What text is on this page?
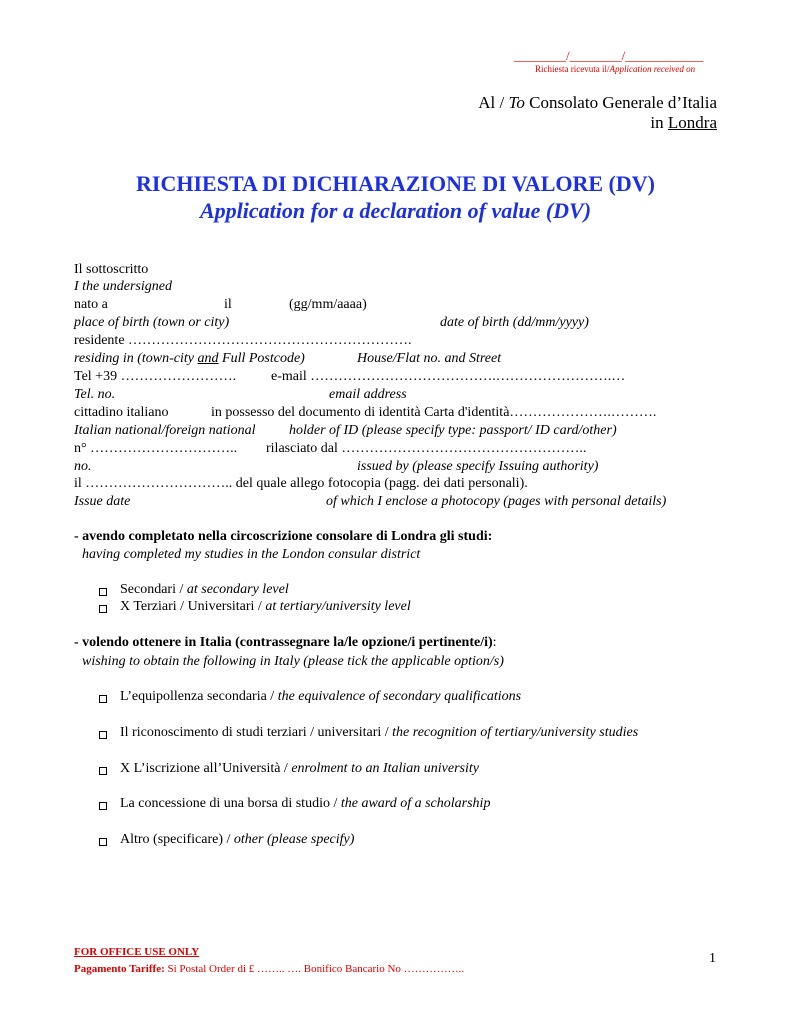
________/________/____________
Richiesta ricevuta il/Application received on
Al / To Consolato Generale d’Italia
in Londra
RICHIESTA DI DICHIARAZIONE DI VALORE (DV)
Application for a declaration of value (DV)
Il sottoscritto
I the undersigned
nato a	il	(gg/mm/aaaa)
place of birth (town or city)	date of birth (dd/mm/yyyy)
residente …………………………………………………….
residing in (town-city and Full Postcode)	House/Flat no. and Street
Tel +39 ……………………. e-mail ………………………………….…………………….…
Tel. no.	email address
cittadino italiano	in possesso del documento di identità Carta d'identità………………….……….
Italian national/foreign national holder of ID (please specify type: passport/ ID card/other)
n° ………………………….. rilasciato dal ……………………………………………..
no.	issued by (please specify Issuing authority)
il ………………………….. del quale allego fotocopia (pagg. dei dati personali).
Issue date	of which I enclose a photocopy (pages with personal details)
- avendo completato nella circoscrizione consolare di Londra gli studi:
having completed my studies in the London consular district
Secondari / at secondary level
X Terziari / Universitari / at tertiary/university level
- volendo ottenere in Italia (contrassegnare la/le opzione/i pertinente/i):
wishing to obtain the following in Italy (please tick the applicable option/s)
L’equipollenza secondaria / the equivalence of secondary qualifications
Il riconoscimento di studi terziari / universitari / the recognition of tertiary/university studies
X L’iscrizione all’Università / enrolment to an Italian university
La concessione di una borsa di studio / the award of a scholarship
Altro (specificare) / other (please specify)
FOR OFFICE USE ONLY
Pagamento Tariffe: Si Postal Order di £ …….. …. Bonifico Bancario No ……………..
1
